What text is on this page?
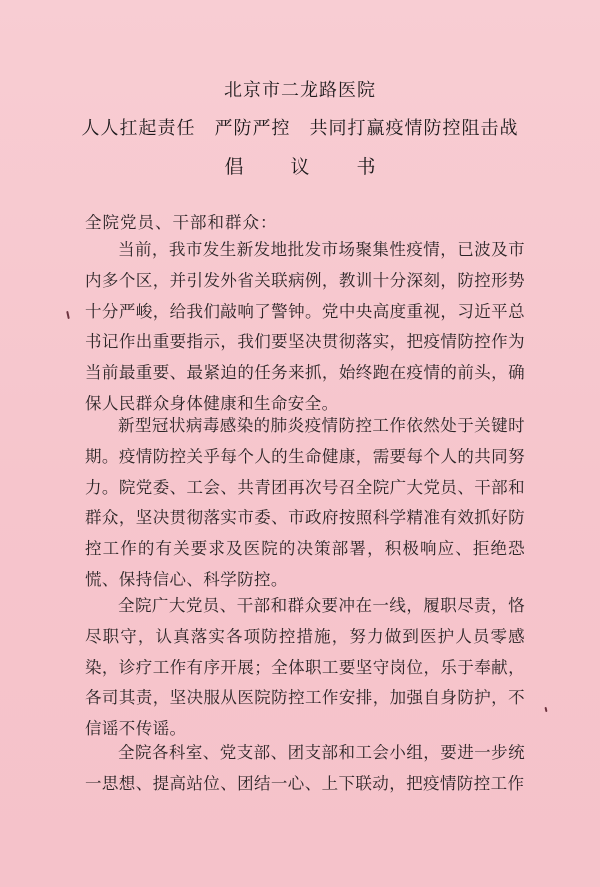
北京市二龙路医院
人人扛起责任　严防严控　共同打赢疫情防控阻击战
倡　议　书
全院党员、干部和群众：

当前，我市发生新发地批发市场聚集性疫情，已波及市内多个区，并引发外省关联病例，教训十分深刻，防控形势十分严峻，给我们敲响了警钟。党中央高度重视，习近平总书记作出重要指示，我们要坚决贯彻落实，把疫情防控作为当前最重要、最紧迫的任务来抓，始终跑在疫情的前头，确保人民群众身体健康和生命安全。

新型冠状病毒感染的肺炎疫情防控工作依然处于关键时期。疫情防控关乎每个人的生命健康，需要每个人的共同努力。院党委、工会、共青团再次号召全院广大党员、干部和群众，坚决贯彻落实市委、市政府按照科学精准有效抓好防控工作的有关要求及医院的决策部署，积极响应、拒绝恐慌、保持信心、科学防控。

全院广大党员、干部和群众要冲在一线，履职尽责，恪尽职守，认真落实各项防控措施，努力做到医护人员零感染，诊疗工作有序开展；全体职工要坚守岗位，乐于奉献，各司其责，坚决服从医院防控工作安排，加强自身防护，不信谣不传谣。

全院各科室、党支部、团支部和工会小组，要进一步统一思想、提高站位、团结一心、上下联动，把疫情防控工作
